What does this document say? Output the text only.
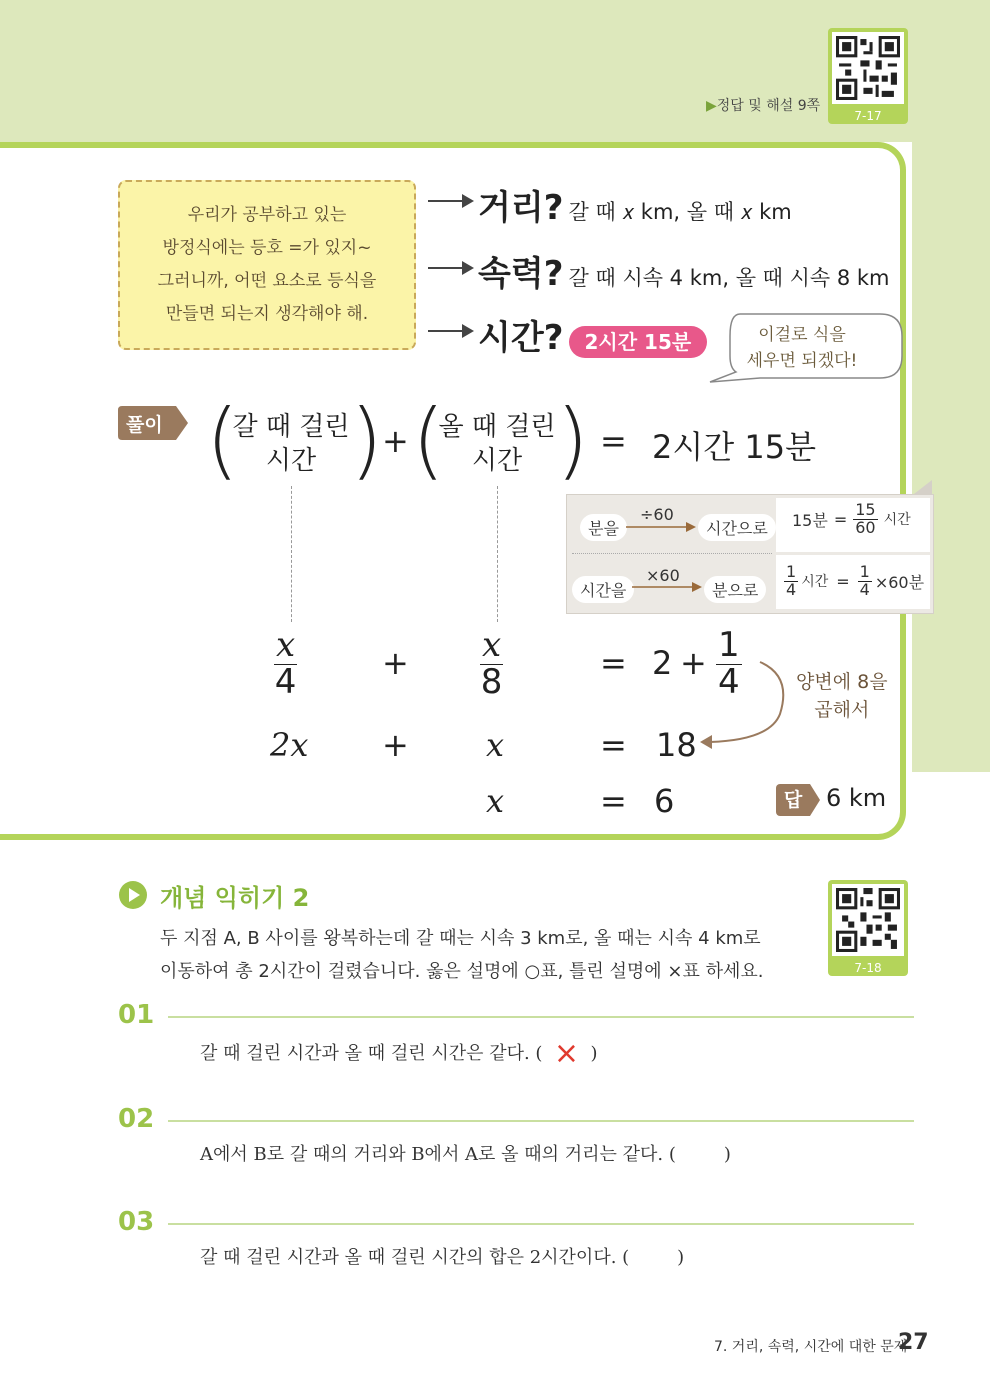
7-17
▶정답 및 해설 9쪽
우리가 공부하고 있는
방정식에는 등호 =가 있지~
그러니까, 어떤 요소로 등식을
만들면 되는지 생각해야 해.
거리? 갈 때 𝑥 km, 올 때 𝑥 km
속력? 갈 때 시속 4 km, 올 때 시속 8 km
시간? 2시간 15분	이걸로 식을
세우면 되겠다!
풀이 (
갈 때 걸린
시간 ) + (
올 때 걸린
시간 ) = 2시간 15분
분을
÷60
시간으로	15분 = $\frac{15}{60}$ 시간
시간을
×60
분으로	$\frac{1}{4}$ 시간 = $\frac{1}{4} \times 60$분
$\frac{\text{𝑥}}{4}$	+ $\frac{\text{𝑥}}{8}$	= $2 + \frac{1}{4}$	양변에 8을
곱해서
2𝑥 + 𝑥	= 18
𝑥	= 6	답 6 km
개념 익히기 2
7-18
두 지점 A, B 사이를 왕복하는데 갈 때는 시속 3 km로, 올 때는 시속 4 km로
이동하여 총 2시간이 걸렸습니다. 옳은 설명에 ○표, 틀린 설명에 ×표 하세요.
01
갈 때 걸린 시간과 올 때 걸린 시간은 같다. ( × )
02
A에서 B로 갈 때의 거리와 B에서 A로 올 때의 거리는 같다. (	)
03
갈 때 걸린 시간과 올 때 걸린 시간의 합은 2시간이다. (	)
7. 거리, 속력, 시간에 대한 문제
27
